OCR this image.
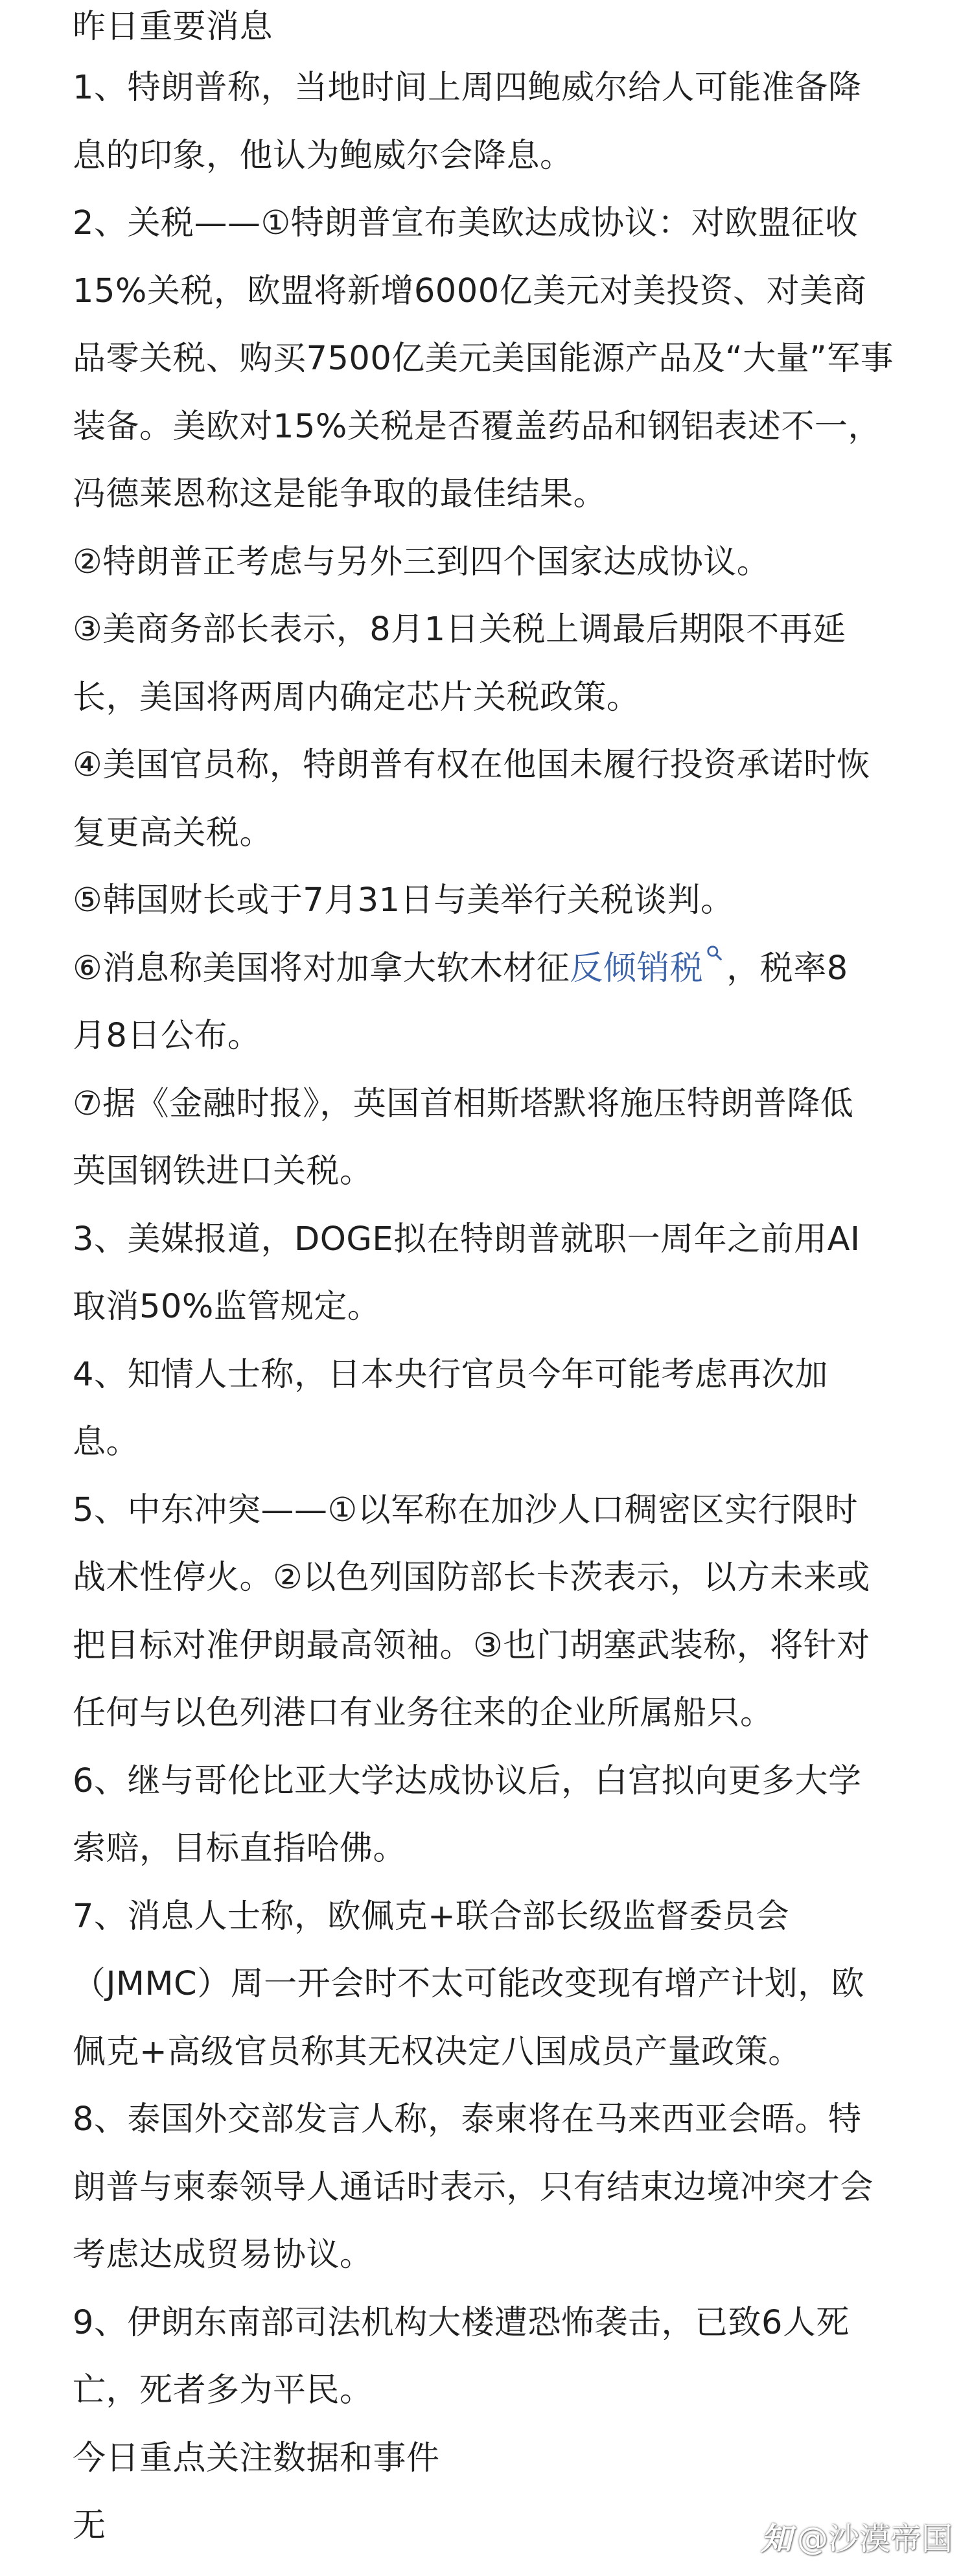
昨日重要消息
1、特朗普称，当地时间上周四鲍威尔给人可能准备降
息的印象，他认为鲍威尔会降息。
2、关税——①特朗普宣布美欧达成协议：对欧盟征收
15%关税，欧盟将新增6000亿美元对美投资、对美商
品零关税、购买7500亿美元美国能源产品及“大量”军事
装备。美欧对15%关税是否覆盖药品和钢铝表述不一，
冯德莱恩称这是能争取的最佳结果。
②特朗普正考虑与另外三到四个国家达成协议。
③美商务部长表示，8月1日关税上调最后期限不再延
长，美国将两周内确定芯片关税政策。
④美国官员称，特朗普有权在他国未履行投资承诺时恢
复更高关税。
⑤韩国财长或于7月31日与美举行关税谈判。
⑥消息称美国将对加拿大软木材征反倾销税 ，税率8
月8日公布。
⑦据《金融时报》，英国首相斯塔默将施压特朗普降低
英国钢铁进口关税。
3、美媒报道，DOGE拟在特朗普就职一周年之前用AI
取消50%监管规定。
4、知情人士称，日本央行官员今年可能考虑再次加
息。
5、中东冲突——①以军称在加沙人口稠密区实行限时
战术性停火。②以色列国防部长卡茨表示，以方未来或
把目标对准伊朗最高领袖。③也门胡塞武装称，将针对
任何与以色列港口有业务往来的企业所属船只。
6、继与哥伦比亚大学达成协议后，白宫拟向更多大学
索赔，目标直指哈佛。
7、消息人士称，欧佩克+联合部长级监督委员会
（JMMC）周一开会时不太可能改变现有增产计划，欧
佩克+高级官员称其无权决定八国成员产量政策。
8、泰国外交部发言人称，泰柬将在马来西亚会晤。特
朗普与柬泰领导人通话时表示，只有结束边境冲突才会
考虑达成贸易协议。
9、伊朗东南部司法机构大楼遭恐怖袭击，已致6人死
亡，死者多为平民。
今日重点关注数据和事件
无	知 @沙漠帝国
